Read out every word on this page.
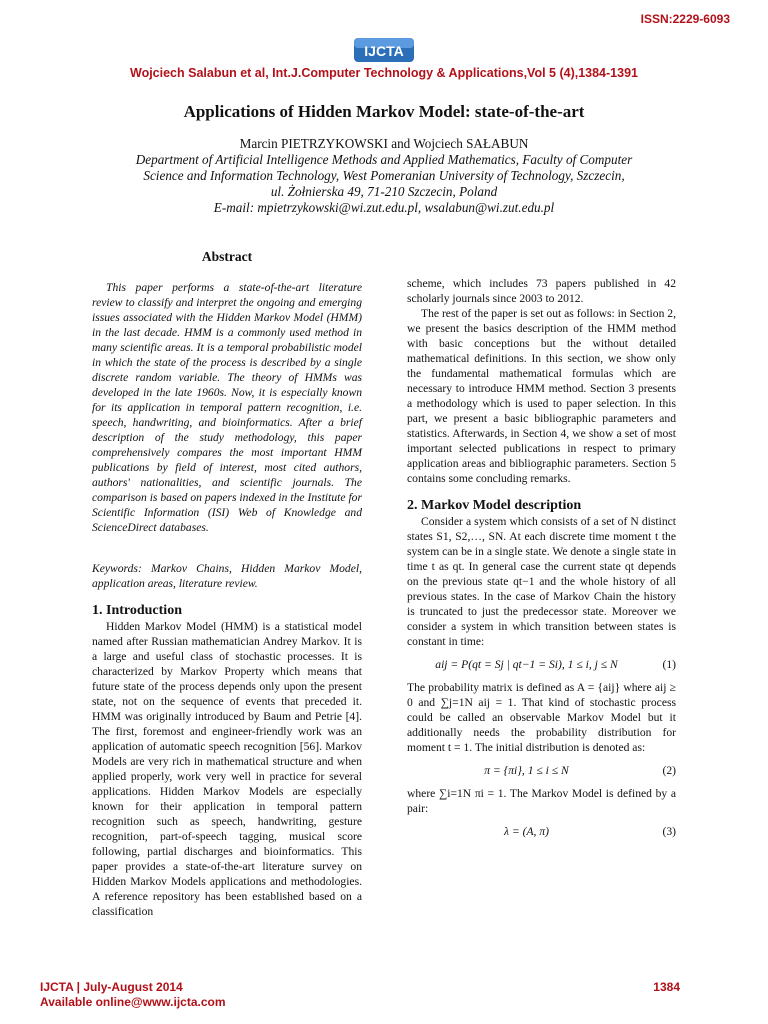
ISSN:2229-6093
IJCTA
Wojciech Salabun et al, Int.J.Computer Technology & Applications,Vol 5 (4),1384-1391
Applications of Hidden Markov Model: state-of-the-art
Marcin PIETRZYKOWSKI and Wojciech SAŁABUN
Department of Artificial Intelligence Methods and Applied Mathematics, Faculty of Computer
Science and Information Technology, West Pomeranian University of Technology, Szczecin,
ul. Żołnierska 49, 71-210 Szczecin, Poland
E-mail: mpietrzykowski@wi.zut.edu.pl, wsalabun@wi.zut.edu.pl
Abstract

This paper performs a state-of-the-art literature review to classify and interpret the ongoing and emerging issues associated with the Hidden Markov Model (HMM) in the last decade. HMM is a commonly used method in many scientific areas. It is a temporal probabilistic model in which the state of the process is described by a single discrete random variable. The theory of HMMs was developed in the late 1960s. Now, it is especially known for its application in temporal pattern recognition, i.e. speech, handwriting, and bioinformatics. After a brief description of the study methodology, this paper comprehensively compares the most important HMM publications by field of interest, most cited authors, authors' nationalities, and scientific journals. The comparison is based on papers indexed in the Institute for Scientific Information (ISI) Web of Knowledge and ScienceDirect databases.

Keywords: Markov Chains, Hidden Markov Model, application areas, literature review.

1. Introduction

Hidden Markov Model (HMM) is a statistical model named after Russian mathematician Andrey Markov. It is a large and useful class of stochastic processes. It is characterized by Markov Property which means that future state of the process depends only upon the present state, not on the sequence of events that preceded it. HMM was originally introduced by Baum and Petrie [4]. The first, foremost and engineer-friendly work was an application of automatic speech recognition [56]. Markov Models are very rich in mathematical structure and when applied properly, work very well in practice for several applications. Hidden Markov Models are especially known for their application in temporal pattern recognition such as speech, handwriting, gesture recognition, part-of-speech tagging, musical score following, partial discharges and bioinformatics. This paper provides a state-of-the-art literature survey on Hidden Markov Models applications and methodologies. A reference repository has been established based on a classification

scheme, which includes 73 papers published in 42 scholarly journals since 2003 to 2012.

The rest of the paper is set out as follows: in Section 2, we present the basics description of the HMM method with basic conceptions but the without detailed mathematical definitions. In this section, we show only the fundamental mathematical formulas which are necessary to introduce HMM method. Section 3 presents a methodology which is used to paper selection. In this part, we present a basic bibliographic parameters and statistics. Afterwards, in Section 4, we show a set of most important selected publications in respect to primary application areas and bibliographic parameters. Section 5 contains some concluding remarks.

2. Markov Model description

Consider a system which consists of a set of N distinct states S1, S2,…, SN. At each discrete time moment t the system can be in a single state. We denote a single state in time t as qt. In general case the current state qt depends on the previous state qt−1 and the whole history of all previous states. In the case of Markov Chain the history is truncated to just the predecessor state. Moreover we consider a system in which transition between states is constant in time:

aij = P(qt = Sj | qt−1 = Si), 1 ≤ i, j ≤ N	(1)

The probability matrix is defined as A = {aij} where aij ≥ 0 and ∑j=1N aij = 1. That kind of stochastic process could be called an observable Markov Model but it additionally needs the probability distribution for moment t = 1. The initial distribution is denoted as:

π = {πi}, 1 ≤ i ≤ N	(2)

where ∑i=1N πi = 1. The Markov Model is defined by a pair:

λ = (A, π)	(3)
IJCTA | July-August 2014
Available online@www.ijcta.com
1384
